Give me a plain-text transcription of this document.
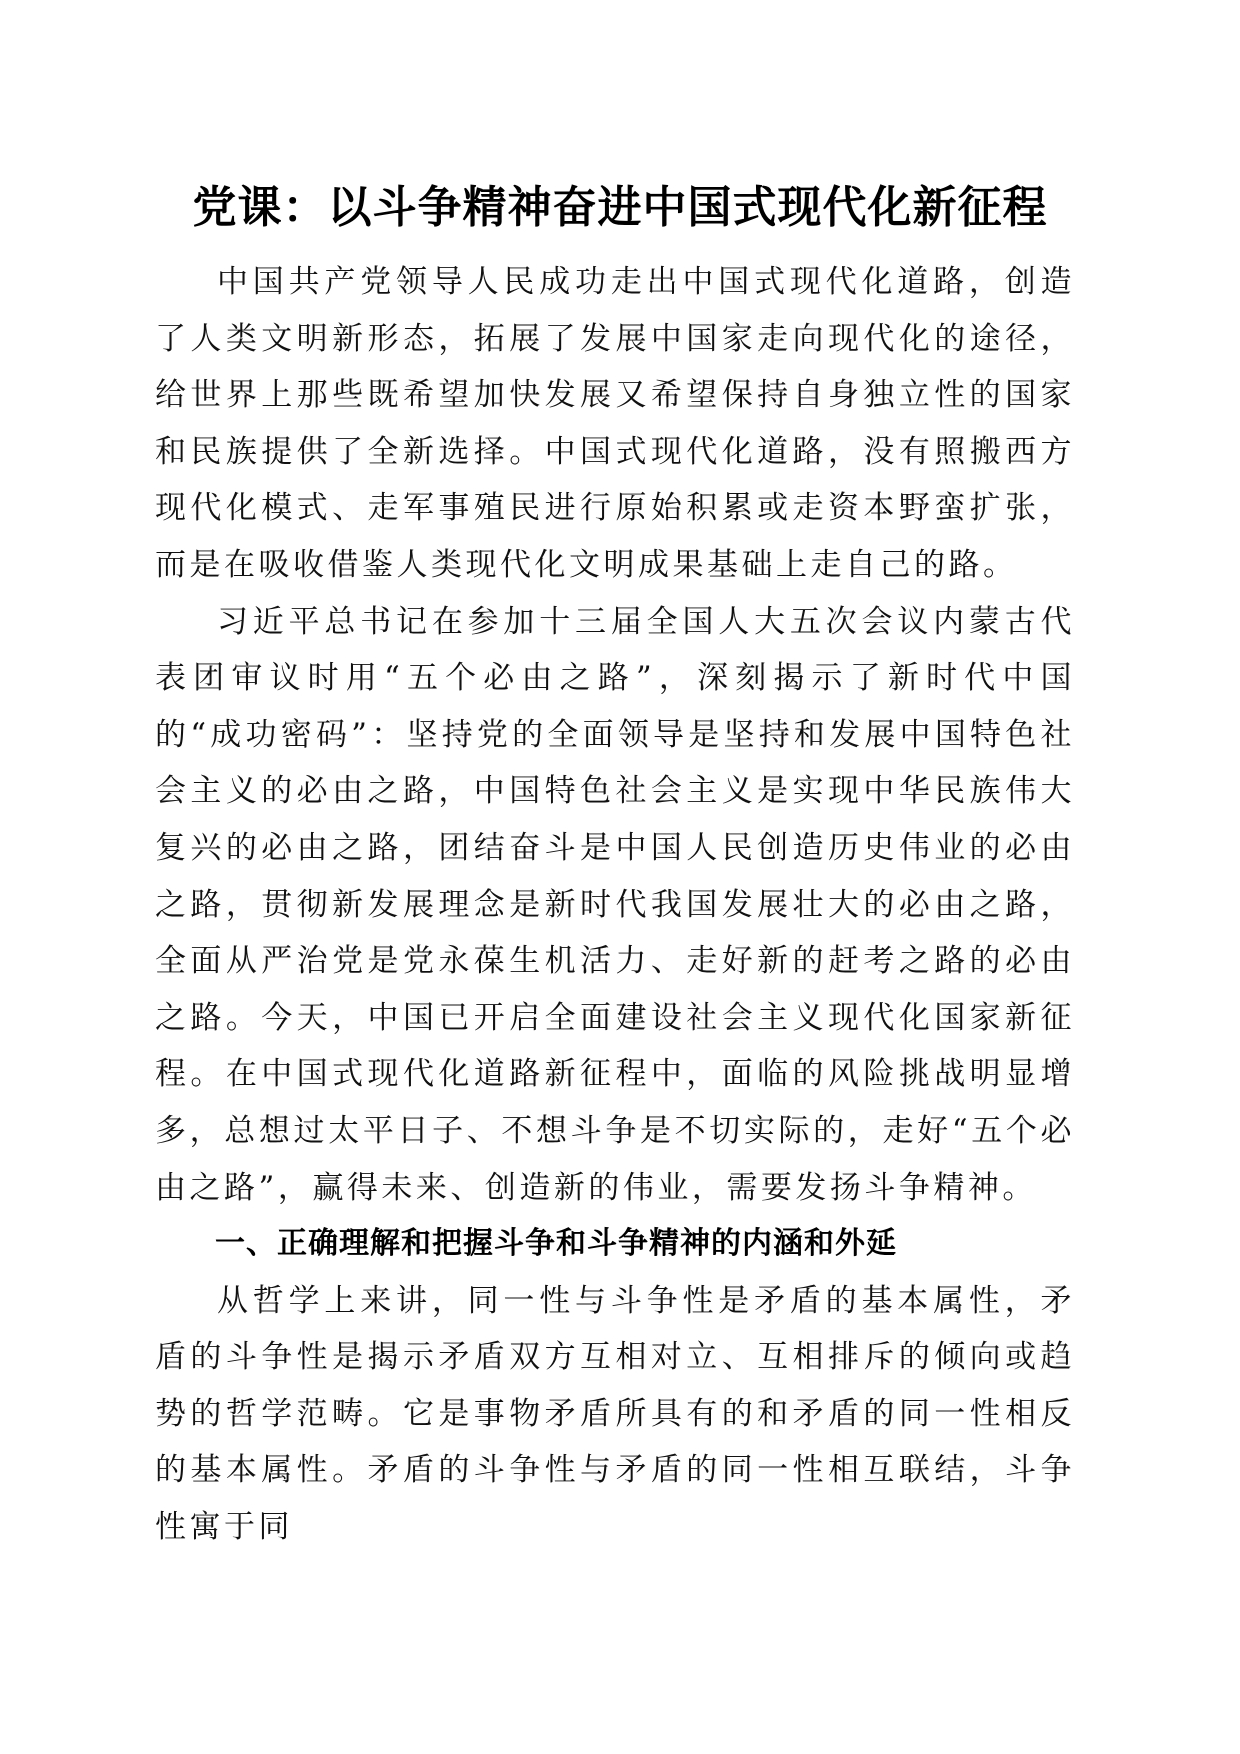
党课：以斗争精神奋进中国式现代化新征程

中国共产党领导人民成功走出中国式现代化道路，创造了人类文明新形态，拓展了发展中国家走向现代化的途径，给世界上那些既希望加快发展又希望保持自身独立性的国家和民族提供了全新选择。中国式现代化道路，没有照搬西方现代化模式、走军事殖民进行原始积累或走资本野蛮扩张，而是在吸收借鉴人类现代化文明成果基础上走自己的路。

习近平总书记在参加十三届全国人大五次会议内蒙古代表团审议时用“五个必由之路”，深刻揭示了新时代中国的“成功密码”：坚持党的全面领导是坚持和发展中国特色社会主义的必由之路，中国特色社会主义是实现中华民族伟大复兴的必由之路，团结奋斗是中国人民创造历史伟业的必由之路，贯彻新发展理念是新时代我国发展壮大的必由之路，全面从严治党是党永葆生机活力、走好新的赶考之路的必由之路。今天，中国已开启全面建设社会主义现代化国家新征程。在中国式现代化道路新征程中，面临的风险挑战明显增多，总想过太平日子、不想斗争是不切实际的，走好“五个必由之路”，赢得未来、创造新的伟业，需要发扬斗争精神。

一、正确理解和把握斗争和斗争精神的内涵和外延

从哲学上来讲，同一性与斗争性是矛盾的基本属性，矛盾的斗争性是揭示矛盾双方互相对立、互相排斥的倾向或趋势的哲学范畴。它是事物矛盾所具有的和矛盾的同一性相反的基本属性。矛盾的斗争性与矛盾的同一性相互联结，斗争性寓于同
